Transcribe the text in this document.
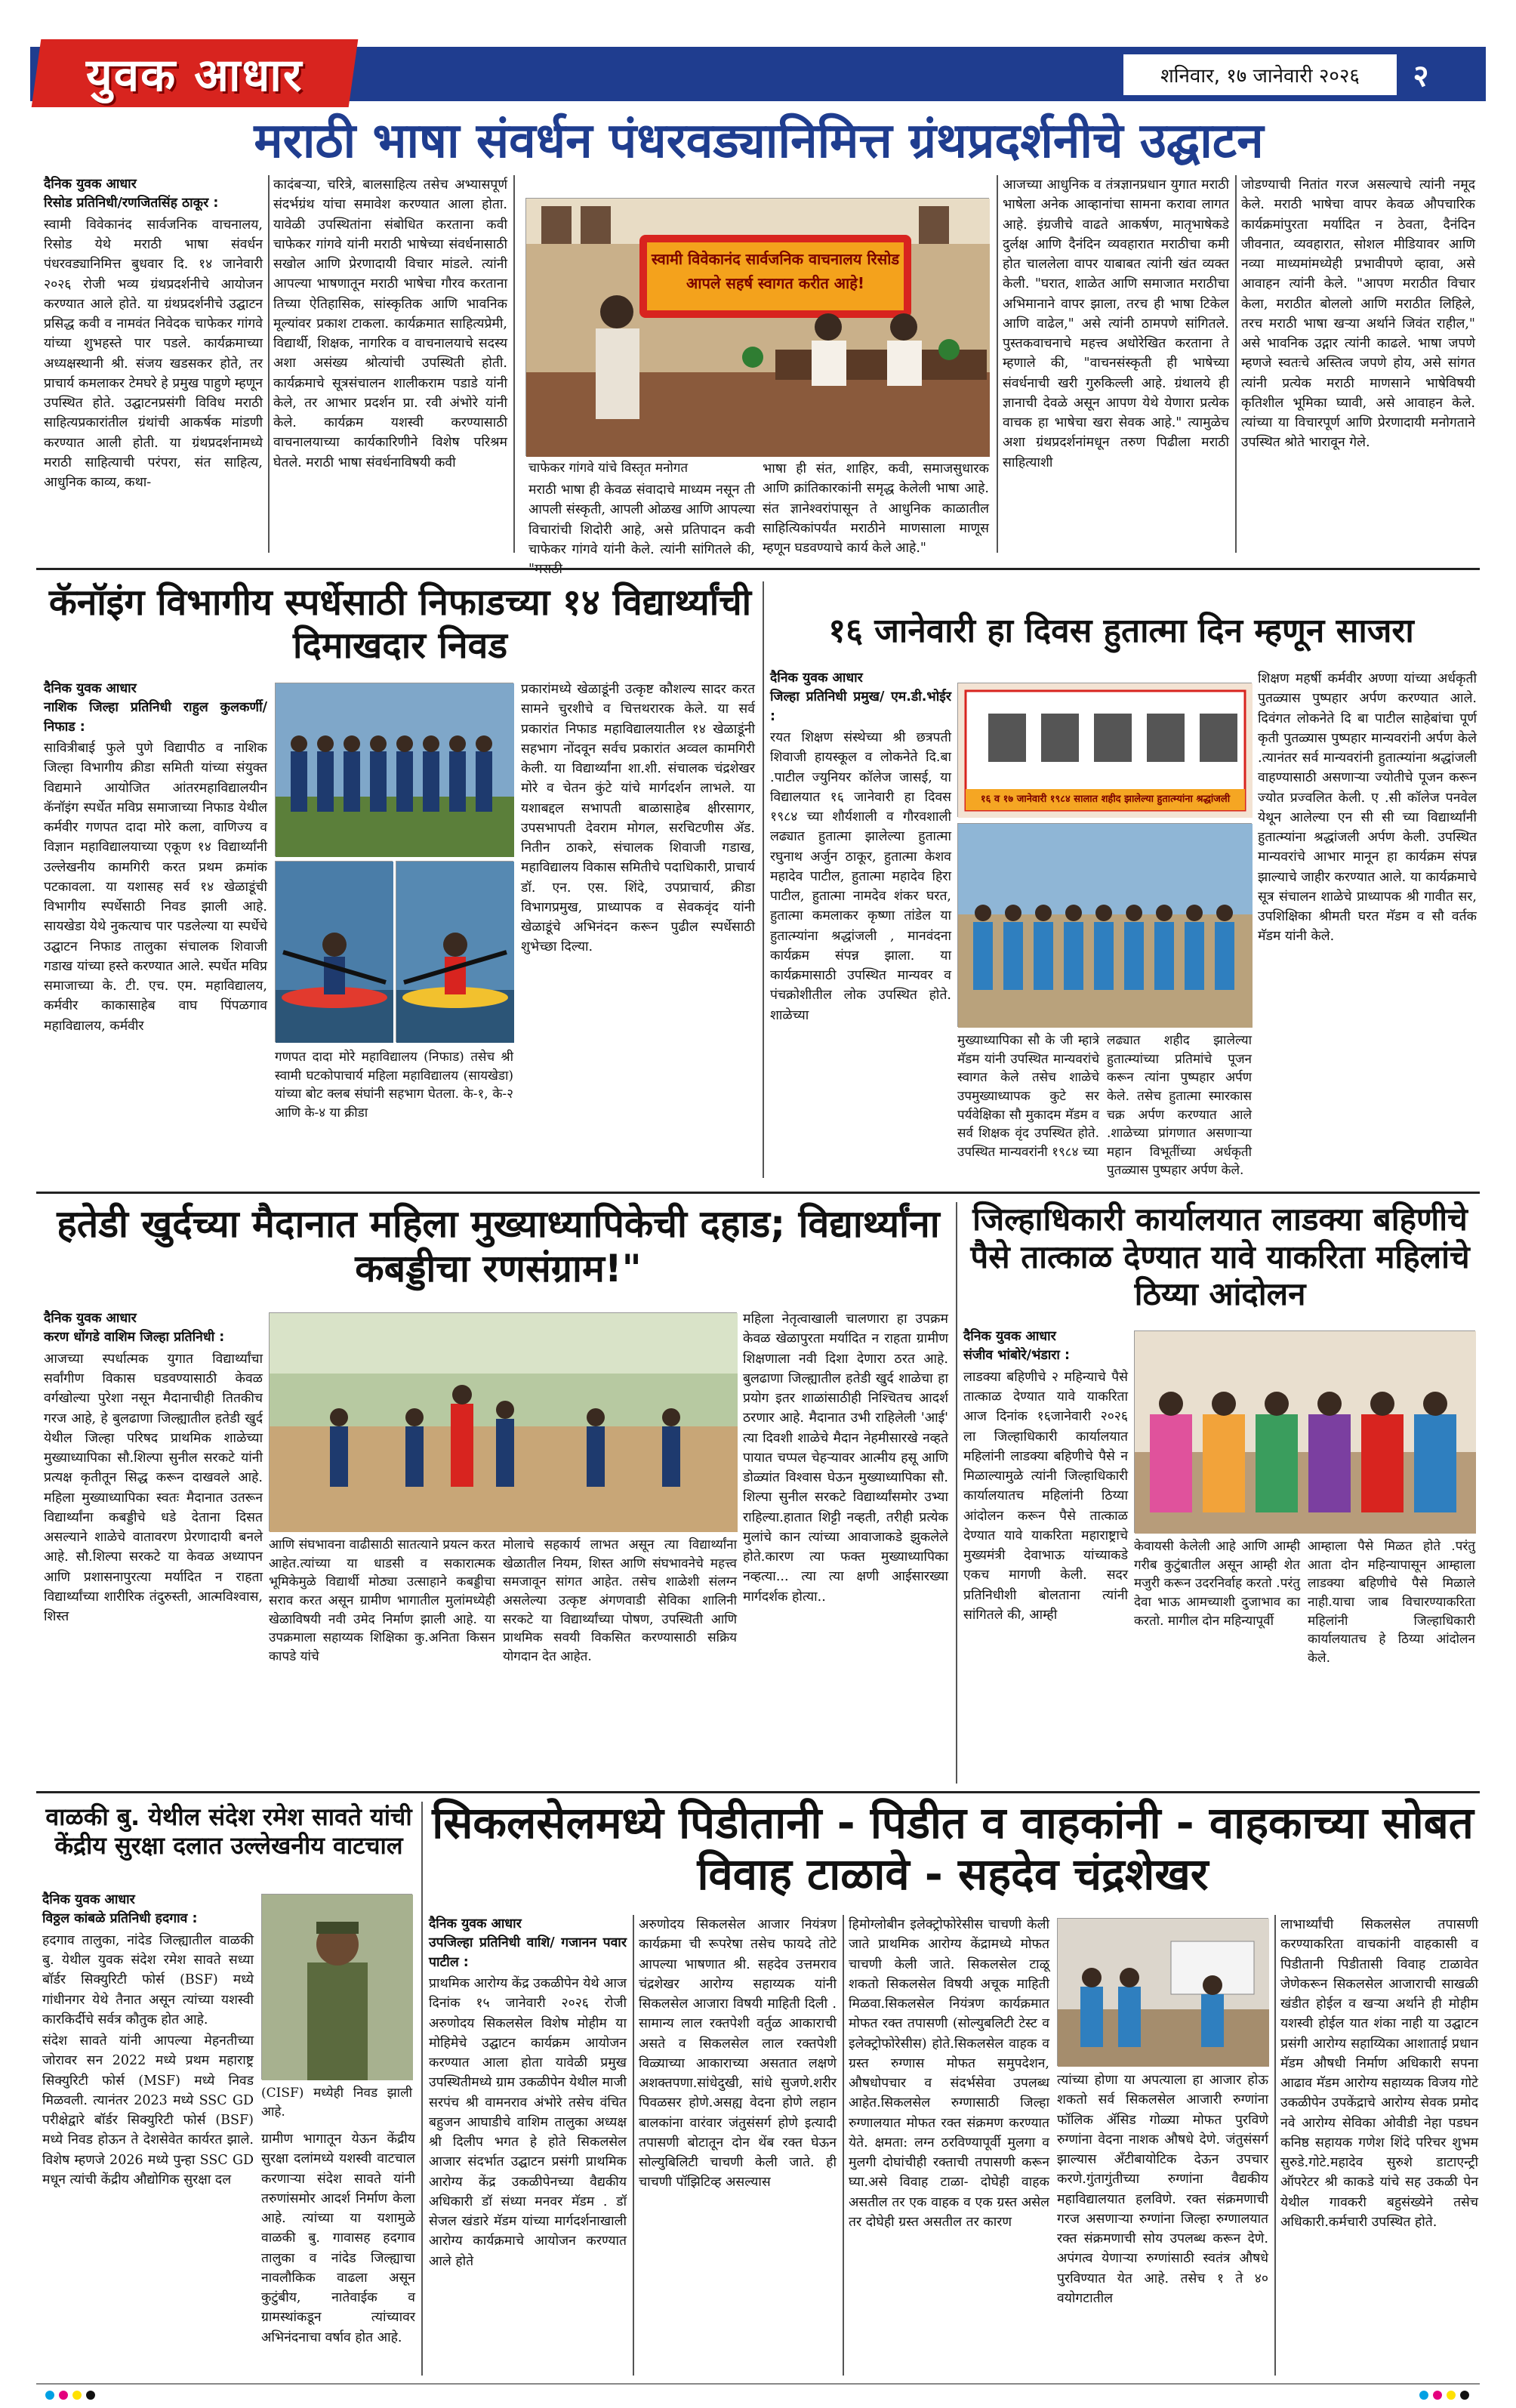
युवक आधार	शनिवार, १७ जानेवारी २०२६	२
मराठी भाषा संवर्धन पंधरवड्यानिमित्त ग्रंथप्रदर्शनीचे उद्घाटन

दैनिक युवक आधार
रिसोड प्रतिनिधी/रणजितसिंह ठाकूर :

स्वामी विवेकानंद सार्वजनिक वाचनालय, रिसोड येथे मराठी भाषा संवर्धन पंधरवड्यानिमित्त बुधवार दि. १४ जानेवारी २०२६ रोजी भव्य ग्रंथप्रदर्शनीचे आयोजन करण्यात आले होते. या ग्रंथप्रदर्शनीचे उद्घाटन प्रसिद्ध कवी व नामवंत निवेदक चाफेकर गांगवे यांच्या शुभहस्ते पार पडले. कार्यक्रमाच्या अध्यक्षस्थानी श्री. संजय खडसकर होते, तर प्राचार्य कमलाकर टेमघरे हे प्रमुख पाहुणे म्हणून उपस्थित होते. उद्घाटनप्रसंगी विविध मराठी साहित्यप्रकारांतील ग्रंथांची आकर्षक मांडणी करण्यात आली होती. या ग्रंथप्रदर्शनामध्ये मराठी साहित्याची परंपरा, संत साहित्य, आधुनिक काव्य, कथा-

कादंबऱ्या, चरित्रे, बालसाहित्य तसेच अभ्यासपूर्ण संदर्भग्रंथ यांचा समावेश करण्यात आला होता. यावेळी उपस्थितांना संबोधित करताना कवी चाफेकर गांगवे यांनी मराठी भाषेच्या संवर्धनासाठी सखोल आणि प्रेरणादायी विचार मांडले. त्यांनी आपल्या भाषणातून मराठी भाषेचा गौरव करताना तिच्या ऐतिहासिक, सांस्कृतिक आणि भावनिक मूल्यांवर प्रकाश टाकला. कार्यक्रमात साहित्यप्रेमी, विद्यार्थी, शिक्षक, नागरिक व वाचनालयाचे सदस्य अशा असंख्य श्रोत्यांची उपस्थिती होती. कार्यक्रमाचे सूत्रसंचालन शालीकराम पडाडे यांनी केले, तर आभार प्रदर्शन प्रा. रवी अंभोरे यांनी केले. कार्यक्रम यशस्वी करण्यासाठी वाचनालयाच्या कार्यकारिणीने विशेष परिश्रम घेतले. मराठी भाषा संवर्धनाविषयी कवी
स्वामी विवेकानंद सार्वजनिक वाचनालय रिसोड
आपले सहर्ष स्वागत करीत आहे!
चाफेकर गांगवे यांचे विस्तृत मनोगत
मराठी भाषा ही केवळ संवादाचे माध्यम नसून ती आपली संस्कृती, आपली ओळख आणि आपल्या विचारांची शिदोरी आहे, असे प्रतिपादन कवी चाफेकर गांगवे यांनी केले. त्यांनी सांगितले की,
भाषा ही संत, शाहिर, कवी, समाजसुधारक आणि क्रांतिकारकांनी समृद्ध केलेली भाषा आहे. संत ज्ञानेश्वरांपासून ते आधुनिक काळातील साहित्यिकांपर्यंत मराठीने माणसाला माणूस म्हणून घडवण्याचे कार्य केले आहे."
आजच्या आधुनिक व तंत्रज्ञानप्रधान युगात मराठी भाषेला अनेक आव्हानांचा सामना करावा लागत आहे. इंग्रजीचे वाढते आकर्षण, मातृभाषेकडे दुर्लक्ष आणि दैनंदिन व्यवहारात मराठीचा कमी होत चाललेला वापर याबाबत त्यांनी खंत व्यक्त केली. "घरात, शाळेत आणि समाजात मराठीचा अभिमानाने वापर झाला, तरच ही भाषा टिकेल आणि वाढेल," असे त्यांनी ठामपणे सांगितले. पुस्तकवाचनाचे महत्त्व अधोरेखित करताना ते म्हणाले की, "वाचनसंस्कृती ही भाषेच्या संवर्धनाची खरी गुरुकिल्ली आहे. ग्रंथालये ही ज्ञानाची देवळे असून आपण येथे येणारा प्रत्येक वाचक हा भाषेचा खरा सेवक आहे." त्यामुळेच अशा ग्रंथप्रदर्शनांमधून तरुण पिढीला मराठी साहित्याशी
जोडण्याची नितांत गरज असल्याचे त्यांनी नमूद केले. मराठी भाषेचा वापर केवळ औपचारिक कार्यक्रमांपुरता मर्यादित न ठेवता, दैनंदिन जीवनात, व्यवहारात, सोशल मीडियावर आणि नव्या माध्यमांमध्येही प्रभावीपणे व्हावा, असे आवाहन त्यांनी केले. "आपण मराठीत विचार केला, मराठीत बोललो आणि मराठीत लिहिले, तरच मराठी भाषा खऱ्या अर्थाने जिवंत राहील," असे भावनिक उद्गार त्यांनी काढले. भाषा जपणे म्हणजे स्वतःचे अस्तित्व जपणे होय, असे सांगत त्यांनी प्रत्येक मराठी माणसाने भाषेविषयी कृतिशील भूमिका घ्यावी, असे आवाहन केले. त्यांच्या या विचारपूर्ण आणि प्रेरणादायी मनोगताने उपस्थित श्रोते भारावून गेले.
कॅनॉइंग विभागीय स्पर्धेसाठी निफाडच्या १४ विद्यार्थ्यांची दिमाखदार निवड

दैनिक युवक आधार
नाशिक जिल्हा प्रतिनिधी राहुल कुलकर्णी/निफाड :

सावित्रीबाई फुले पुणे विद्यापीठ व नाशिक जिल्हा विभागीय क्रीडा समिती यांच्या संयुक्त विद्यमाने आयोजित आंतरमहाविद्यालयीन कॅनॉइंग स्पर्धेत मविप्र समाजाच्या निफाड येथील कर्मवीर गणपत दादा मोरे कला, वाणिज्य व विज्ञान महाविद्यालयाच्या एकूण १४ विद्यार्थ्यांनी उल्लेखनीय कामगिरी करत प्रथम क्रमांक पटकावला. या यशासह सर्व १४ खेळाडूंची विभागीय स्पर्धेसाठी निवड झाली आहे. सायखेडा येथे नुकत्याच पार पडलेल्या या स्पर्धेचे उद्घाटन निफाड तालुका संचालक शिवाजी गडाख यांच्या हस्ते करण्यात आले. स्पर्धेत मविप्र समाजाच्या के. टी. एच. एम. महाविद्यालय, कर्मवीर काकासाहेब वाघ पिंपळगाव महाविद्यालय, कर्मवीर

गणपत दादा मोरे महाविद्यालय (निफाड) तसेच श्री स्वामी घटकोपाचार्य महिला महाविद्यालय (सायखेडा) यांच्या बोट क्लब संघांनी सहभाग घेतला. के-१, के-२ आणि के-४ या क्रीडा
प्रकारांमध्ये खेळाडूंनी उत्कृष्ट कौशल्य सादर करत सामने चुरशीचे व चित्तथरारक केले. या सर्व प्रकारांत निफाड महाविद्यालयातील १४ खेळाडूंनी सहभाग नोंदवून सर्वच प्रकारांत अव्वल कामगिरी केली. या विद्यार्थ्यांना शा.शी. संचालक चंद्रशेखर मोरे व चेतन कुंटे यांचे मार्गदर्शन लाभले. या यशाबद्दल सभापती बाळासाहेब क्षीरसागर, उपसभापती देवराम मोगल, सरचिटणीस ॲड. नितीन ठाकरे, संचालक शिवाजी गडाख, महाविद्यालय विकास समितीचे पदाधिकारी, प्राचार्य डॉ. एन. एस. शिंदे, उपप्राचार्य, क्रीडा विभागप्रमुख, प्राध्यापक व सेवकवृंद यांनी खेळाडूंचे अभिनंदन करून पुढील स्पर्धेसाठी शुभेच्छा दिल्या.
१६ जानेवारी हा दिवस हुतात्मा दिन म्हणून साजरा

दैनिक युवक आधार
जिल्हा प्रतिनिधी प्रमुख/ एम.डी.भोईर :

रयत शिक्षण संस्थेच्या श्री छत्रपती शिवाजी हायस्कूल व लोकनेते दि.बा .पाटील ज्युनियर कॉलेज जासई, या विद्यालयात १६ जानेवारी हा दिवस १९८४ च्या शौर्यशाली व गौरवशाली लढ्यात हुतात्मा झालेल्या हुतात्मा रघुनाथ अर्जुन ठाकूर, हुतात्मा केशव महादेव पाटील, हुतात्मा महादेव हिरा पाटील, हुतात्मा नामदेव शंकर घरत, हुतात्मा कमलाकर कृष्णा तांडेल या हुतात्म्यांना श्रद्धांजली , मानवंदना कार्यक्रम संपन्न झाला. या कार्यक्रमासाठी उपस्थित मान्यवर व पंचक्रोशीतील लोक उपस्थित होते. शाळेच्या

१६ व १७ जानेवारी १९८४ सालात शहीद झालेल्या हुतात्म्यांना श्रद्धांजली
मुख्याध्यापिका सौ के जी म्हात्रे मॅडम यांनी उपस्थित मान्यवरांचे स्वागत केले तसेच शाळेचे उपमुख्याध्यापक कुटे सर पर्यवेक्षिका सौ मुकादम मॅडम व सर्व शिक्षक वृंद उपस्थित होते. उपस्थित मान्यवरांनी १९८४ च्या
लढ्यात शहीद झालेल्या हुतात्म्यांच्या प्रतिमांचे पूजन करून त्यांना पुष्पहार अर्पण केले. तसेच हुतात्मा स्मारकास चक्र अर्पण करण्यात आले .शाळेच्या प्रांगणात असणाऱ्या महान विभूतींच्या अर्धकृती पुतळ्यास पुष्पहार अर्पण केले.
शिक्षण महर्षी कर्मवीर अण्णा यांच्या अर्धकृती पुतळ्यास पुष्पहार अर्पण करण्यात आले. दिवंगत लोकनेते दि बा पाटील साहेबांचा पूर्ण कृती पुतळ्यास पुष्पहार मान्यवरांनी अर्पण केले .त्यानंतर सर्व मान्यवरांनी हुतात्म्यांना श्रद्धांजली वाहण्यासाठी असणाऱ्या ज्योतीचे पूजन करून ज्योत प्रज्वलित केली. ए .सी कॉलेज पनवेल येथून आलेल्या एन सी सी च्या विद्यार्थ्यांनी हुतात्म्यांना श्रद्धांजली अर्पण केली. उपस्थित मान्यवरांचे आभार मानून हा कार्यक्रम संपन्न झाल्याचे जाहीर करण्यात आले. या कार्यक्रमाचे सूत्र संचालन शाळेचे प्राध्यापक श्री गावीत सर, उपशिक्षिका श्रीमती घरत मॅडम व सौ वर्तक मॅडम यांनी केले.
हतेडी खुर्दच्या मैदानात महिला मुख्याध्यापिकेची दहाड; विद्यार्थ्यांना कबड्डीचा रणसंग्राम!"

दैनिक युवक आधार
करण धोंगडे वाशिम जिल्हा प्रतिनिधी :

आजच्या स्पर्धात्मक युगात विद्यार्थ्यांचा सर्वांगीण विकास घडवण्यासाठी केवळ वर्गखोल्या पुरेशा नसून मैदानाचीही तितकीच गरज आहे, हे बुलढाणा जिल्ह्यातील हतेडी खुर्द येथील जिल्हा परिषद प्राथमिक शाळेच्या मुख्याध्यापिका सौ.शिल्पा सुनील सरकटे यांनी प्रत्यक्ष कृतीतून सिद्ध करून दाखवले आहे. महिला मुख्याध्यापिका स्वतः मैदानात उतरून विद्यार्थ्यांना कबड्डीचे धडे देताना दिसत असल्याने शाळेचे वातावरण प्रेरणादायी बनले आहे. सौ.शिल्पा सरकटे या केवळ अध्यापन आणि प्रशासनापुरत्या मर्यादित न राहता विद्यार्थ्यांच्या शारीरिक तंदुरुस्ती, आत्मविश्वास, शिस्त

आणि संघभावना वाढीसाठी सातत्याने प्रयत्न करत आहेत.त्यांच्या या धाडसी व सकारात्मक भूमिकेमुळे विद्यार्थी मोठ्या उत्साहाने कबड्डीचा सराव करत असून ग्रामीण भागातील मुलांमध्येही खेळाविषयी नवी उमेद निर्माण झाली आहे. या उपक्रमाला सहाय्यक शिक्षिका कु.अनिता किसन कापडे यांचे
मोलाचे सहकार्य लाभत असून त्या विद्यार्थ्यांना खेळातील नियम, शिस्त आणि संघभावनेचे महत्त्व समजावून सांगत आहेत. तसेच शाळेशी संलग्न असलेल्या उत्कृष्ट अंगणवाडी सेविका शालिनी सरकटे या विद्यार्थ्यांच्या पोषण, उपस्थिती आणि प्राथमिक सवयी विकसित करण्यासाठी सक्रिय योगदान देत आहेत.
महिला नेतृत्वाखाली चालणारा हा उपक्रम केवळ खेळापुरता मर्यादित न राहता ग्रामीण शिक्षणाला नवी दिशा देणारा ठरत आहे. बुलढाणा जिल्ह्यातील हतेडी खुर्द शाळेचा हा प्रयोग इतर शाळांसाठीही निश्चितच आदर्श ठरणार आहे. मैदानात उभी राहिलेली 'आई' त्या दिवशी शाळेचे मैदान नेहमीसारखे नव्हते पायात चप्पल चेहऱ्यावर आत्मीय हसू आणि डोळ्यांत विश्वास घेऊन मुख्याध्यापिका सौ. शिल्पा सुनील सरकटे विद्यार्थ्यांसमोर उभ्या राहिल्या.हातात शिट्टी नव्हती, तरीही प्रत्येक मुलांचे कान त्यांच्या आवाजाकडे झुकलेले होते.कारण त्या फक्त मुख्याध्यापिका नव्हत्या... त्या त्या क्षणी आईसारख्या मार्गदर्शक होत्या..
जिल्हाधिकारी कार्यालयात लाडक्या बहिणीचे पैसे तात्काळ देण्यात यावे याकरिता महिलांचे ठिय्या आंदोलन

दैनिक युवक आधार
संजीव भांबोरे/भंडारा :

लाडक्या बहिणीचे २ महिन्याचे पैसे तात्काळ देण्यात यावे याकरिता आज दिनांक १६जानेवारी २०२६ ला जिल्हाधिकारी कार्यालयात महिलांनी लाडक्या बहिणीचे पैसे न मिळाल्यामुळे त्यांनी जिल्हाधिकारी कार्यालयातच महिलांनी ठिय्या आंदोलन करून पैसे तात्काळ देण्यात यावे याकरिता महाराष्ट्राचे मुख्यमंत्री देवाभाऊ यांच्याकडे एकच मागणी केली. सदर प्रतिनिधीशी बोलताना त्यांनी सांगितले की, आम्ही

केवायसी केलेली आहे आणि आम्ही गरीब कुटुंबातील असून आम्ही शेत मजुरी करून उदरनिर्वाह करतो .परंतु देवा भाऊ आमच्याशी दुजाभाव का करतो. मागील दोन महिन्यापूर्वी
आम्हाला पैसे मिळत होते .परंतु आता दोन महिन्यापासून आम्हाला लाडक्या बहिणीचे पैसे मिळाले नाही.याचा जाब विचारण्याकरिता महिलांनी जिल्हाधिकारी कार्यालयातच हे ठिय्या आंदोलन केले.
वाळकी बु. येथील संदेश रमेश सावते यांची केंद्रीय सुरक्षा दलात उल्लेखनीय वाटचाल

दैनिक युवक आधार
विठ्ठल कांबळे प्रतिनिधी हदगाव :

हदगाव तालुका, नांदेड जिल्ह्यातील वाळकी बु. येथील युवक संदेश रमेश सावते सध्या बॉर्डर सिक्युरिटी फोर्स (BSF) मध्ये गांधीनगर येथे तैनात असून त्यांच्या यशस्वी कारकिर्दीचे सर्वत्र कौतुक होत आहे.

संदेश सावते यांनी आपल्या मेहनतीच्या जोरावर सन 2022 मध्ये प्रथम महाराष्ट्र सिक्युरिटी फोर्स (MSF) मध्ये निवड मिळवली. त्यानंतर 2023 मध्ये SSC GD परीक्षेद्वारे बॉर्डर सिक्युरिटी फोर्स (BSF) मध्ये निवड होऊन ते देशसेवेत कार्यरत झाले. विशेष म्हणजे 2026 मध्ये पुन्हा SSC GD मधून त्यांची केंद्रीय औद्योगिक सुरक्षा दल

(CISF) मध्येही निवड झाली आहे.
ग्रामीण भागातून येऊन केंद्रीय सुरक्षा दलांमध्ये यशस्वी वाटचाल करणाऱ्या संदेश सावते यांनी तरुणांसमोर आदर्श निर्माण केला आहे. त्यांच्या या यशामुळे वाळकी बु. गावासह हदगाव तालुका व नांदेड जिल्ह्याचा नावलौकिक वाढला असून कुटुंबीय, नातेवाईक व ग्रामस्थांकडून त्यांच्यावर अभिनंदनाचा वर्षाव होत आहे.
सिकलसेलमध्ये पिडीतानी - पिडीत व वाहकांनी - वाहकाच्या सोबत विवाह टाळावे - सहदेव चंद्रशेखर

दैनिक युवक आधार
उपजिल्हा प्रतिनिधी वाशि/ गजानन पवार पाटील :

प्राथमिक आरोग्य केंद्र उकळीपेन येथे आज दिनांक १५ जानेवारी २०२६ रोजी अरुणोदय सिकलसेल विशेष मोहीम या मोहिमेचे उद्घाटन कार्यक्रम आयोजन करण्यात आला होता यावेळी प्रमुख उपस्थितीमध्ये ग्राम उकळीपेन येथील माजी सरपंच श्री वामनराव अंभोरे तसेच वंचित बहुजन आघाडीचे वाशिम तालुका अध्यक्ष श्री दिलीप भगत हे होते सिकलसेल आजार संदर्भात उद्घाटन प्रसंगी प्राथमिक आरोग्य केंद्र उकळीपेनच्या वैद्यकीय अधिकारी डॉ संध्या मनवर मॅडम . डॉ सेजल खंडारे मॅडम यांच्या मार्गदर्शनाखाली आरोग्य कार्यक्रमाचे आयोजन करण्यात आले होते

अरुणोदय सिकलसेल आजार नियंत्रण कार्यक्रमा ची रूपरेषा तसेच फायदे तोटे आपल्या भाषणात श्री. सहदेव उत्तमराव चंद्रशेखर आरोग्य सहाय्यक यांनी सिकलसेल आजारा विषयी माहिती दिली . सामान्य लाल रक्तपेशी वर्तुळ आकाराची असते व सिकलसेल लाल रक्तपेशी विळ्याच्या आकाराच्या असतात लक्षणे अशक्तपणा.सांधेदुखी, सांधे सुजणे.शरीर पिवळसर होणे.असह्य वेदना होणे लहान बालकांना वारंवार जंतुसंसर्ग होणे इत्यादी तपासणी बोटातून दोन थेंब रक्त घेऊन सोल्युबिलिटी चाचणी केली जाते. ही चाचणी पॉझिटिव्ह असल्यास
हिमोग्लोबीन इलेक्ट्रोफोरेसीस चाचणी केली जाते प्राथमिक आरोग्य केंद्रामध्ये मोफत चाचणी केली जाते. सिकलसेल टाळू शकतो सिकलसेल विषयी अचूक माहिती मिळवा.सिकलसेल नियंत्रण कार्यक्रमात मोफत रक्त तपासणी (सोल्युबलिटी टेस्ट व इलेक्ट्रोफोरेसीस) होते.सिकलसेल वाहक व ग्रस्त रुग्णास मोफत समुपदेशन, औषधोपचार व संदर्भसेवा उपलब्ध आहेत.सिकलसेल रुग्णासाठी जिल्हा रुग्णालयात मोफत रक्त संक्रमण करण्यात येते. क्षमता: लग्न ठरविण्यापूर्वी मुलगा व मुलगी दोघांचीही रक्ताची तपासणी करून घ्या.असे विवाह टाळा- दोघेही वाहक असतील तर एक वाहक व एक ग्रस्त असेल तर दोघेही ग्रस्त असतील तर कारण
त्यांच्या होणा या अपत्याला हा आजार होऊ शकतो सर्व सिकलसेल आजारी रुग्णांना फॉलिक ॲसिड गोळ्या मोफत पुरविणे रुग्णांना वेदना नाशक औषधे देणे. जंतुसंसर्ग झाल्यास ॲंटीबायोटिक देऊन उपचार करणे.गुंतागुंतीच्या रुग्णांना वैद्यकीय महाविद्यालयात हलविणे. रक्त संक्रमणाची गरज असणाऱ्या रुग्णांना जिल्हा रुग्णालयात रक्त संक्रमणाची सोय उपलब्ध करून देणे. अपंगत्व येणाऱ्या रुग्णांसाठी स्वतंत्र औषधे पुरविण्यात येत आहे. तसेच १ ते ४० वयोगटातील
लाभार्थ्यांची सिकलसेल तपासणी करण्याकरिता वाचकांनी वाहकासी व पिडीतानी पिडीतासी विवाह टाळावेत जेणेकरून सिकलसेल आजाराची साखळी खंडीत होईल व खऱ्या अर्थाने ही मोहीम यशस्वी होईल यात शंका नाही या उद्घाटन प्रसंगी आरोग्य सहाय्यिका आशाताई प्रधान मॅडम औषधी निर्माण अधिकारी सपना आढाव मॅडम आरोग्य सहाय्यक विजय गोटे उकळीपेन उपकेंद्राचे आरोग्य सेवक प्रमोद नवे आरोग्य सेविका ओवीडी नेहा पडघन कनिष्ठ सहायक गणेश शिंदे परिचर शुभम सुरुडे.गोटे.महादेव सुरुशे डाटाएन्ट्री ऑपरेटर श्री काकडे यांचे सह उकळी पेन येथील गावकरी बहुसंख्येने तसेच अधिकारी.कर्मचारी उपस्थित होते.
